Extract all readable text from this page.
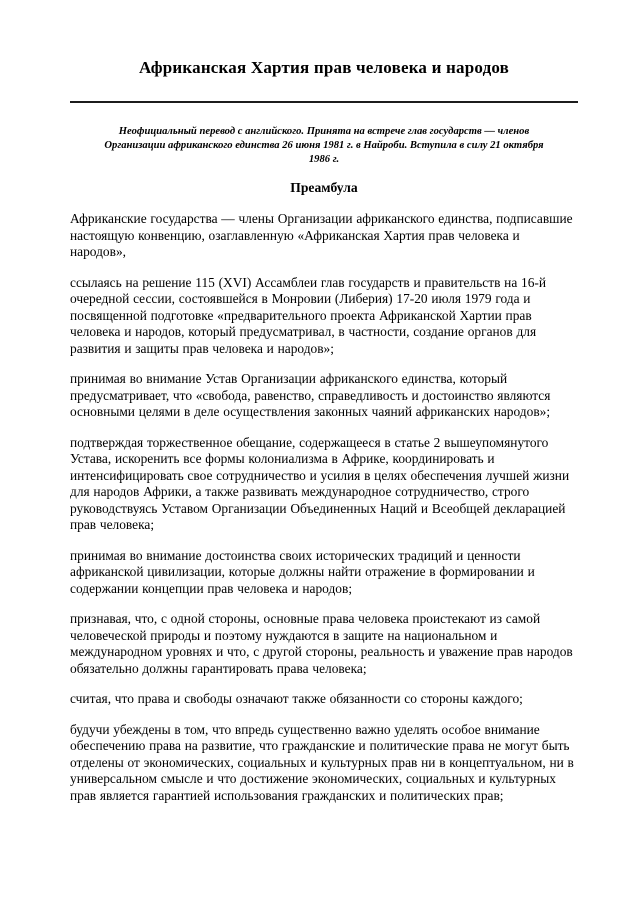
Африканская Хартия прав человека и народов

Неофициальный перевод с английского. Принята на встрече глав государств — членов Организации африканского единства 26 июня 1981 г. в Найроби. Вступила в силу 21 октября 1986 г.

Преамбула

Африканские государства — члены Организации африканского единства, подписавшие настоящую конвенцию, озаглавленную «Африканская Хартия прав человека и народов»,

ссылаясь на решение 115 (XVI) Ассамблеи глав государств и правительств на 16-й очередной сессии, состоявшейся в Монровии (Либерия) 17-20 июля 1979 года и посвященной подготовке «предварительного проекта Африканской Хартии прав человека и народов, который предусматривал, в частности, создание органов для развития и защиты прав человека и народов»;

принимая во внимание Устав Организации африканского единства, который предусматривает, что «свобода, равенство, справедливость и достоинство являются основными целями в деле осуществления законных чаяний африканских народов»;

подтверждая торжественное обещание, содержащееся в статье 2 вышеупомянутого Устава, искоренить все формы колониализма в Африке, координировать и интенсифицировать свое сотрудничество и усилия в целях обеспечения лучшей жизни для народов Африки, а также развивать международное сотрудничество, строго руководствуясь Уставом Организации Объединенных Наций и Всеобщей декларацией прав человека;

принимая во внимание достоинства своих исторических традиций и ценности африканской цивилизации, которые должны найти отражение в формировании и содержании концепции прав человека и народов;

признавая, что, с одной стороны, основные права человека проистекают из самой человеческой природы и поэтому нуждаются в защите на национальном и международном уровнях и что, с другой стороны, реальность и уважение прав народов обязательно должны гарантировать права человека;

считая, что права и свободы означают также обязанности со стороны каждого;

будучи убеждены в том, что впредь существенно важно уделять особое внимание обеспечению права на развитие, что гражданские и политические права не могут быть отделены от экономических, социальных и культурных прав ни в концептуальном, ни в универсальном смысле и что достижение экономических, социальных и культурных прав является гарантией использования гражданских и политических прав;
